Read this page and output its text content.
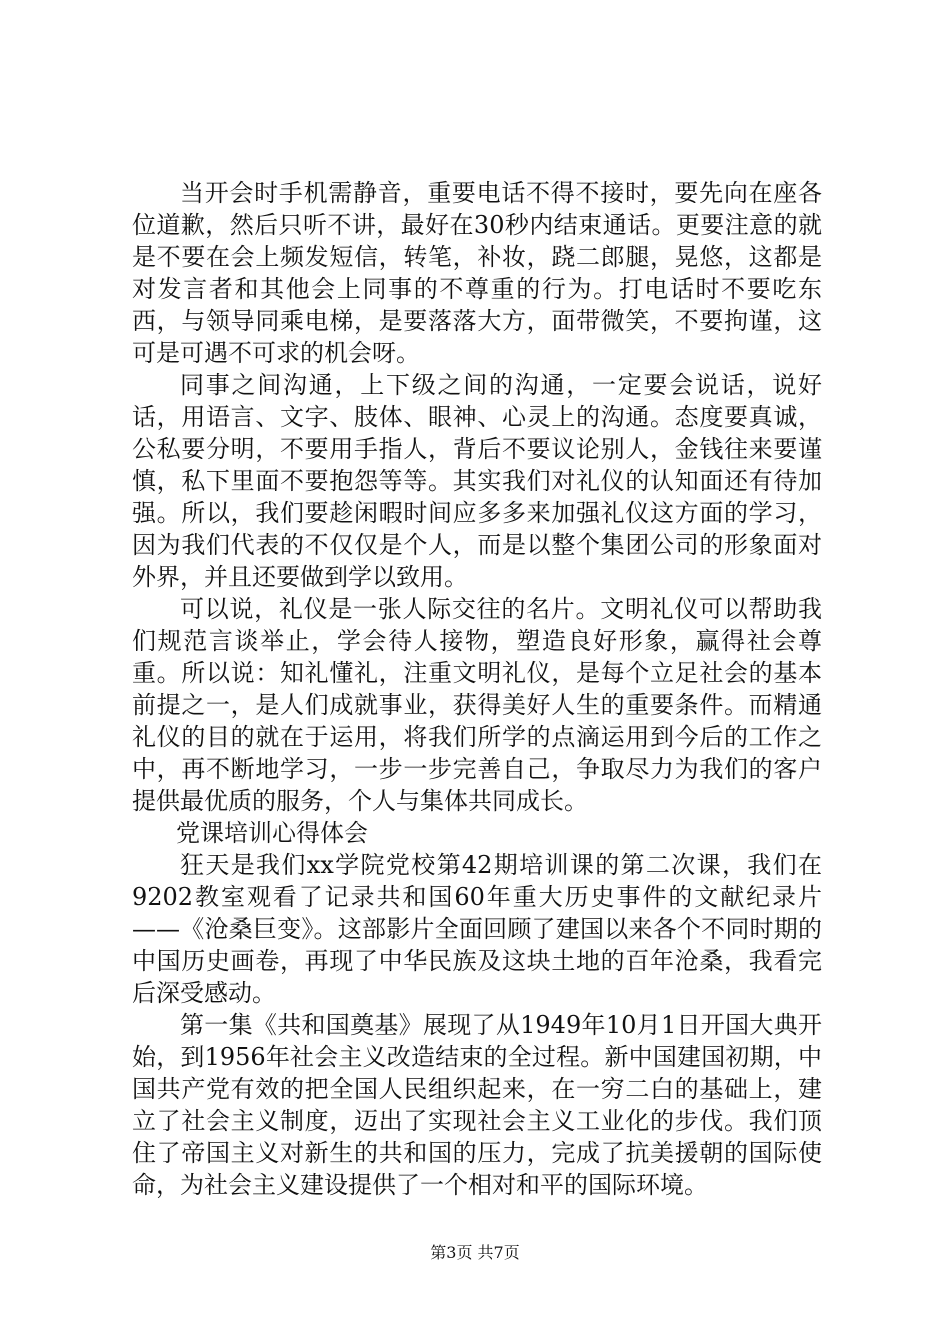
当开会时手机需静音，重要电话不得不接时，要先向在座各位道歉，然后只听不讲，最好在30秒内结束通话。更要注意的就是不要在会上频发短信，转笔，补妆，跷二郎腿，晃悠，这都是对发言者和其他会上同事的不尊重的行为。打电话时不要吃东西，与领导同乘电梯，是要落落大方，面带微笑，不要拘谨，这可是可遇不可求的机会呀。

同事之间沟通，上下级之间的沟通，一定要会说话，说好话，用语言、文字、肢体、眼神、心灵上的沟通。态度要真诚，公私要分明，不要用手指人，背后不要议论别人，金钱往来要谨慎，私下里面不要抱怨等等。其实我们对礼仪的认知面还有待加强。所以，我们要趁闲暇时间应多多来加强礼仪这方面的学习，因为我们代表的不仅仅是个人，而是以整个集团公司的形象面对外界，并且还要做到学以致用。

可以说，礼仪是一张人际交往的名片。文明礼仪可以帮助我们规范言谈举止，学会待人接物，塑造良好形象，赢得社会尊重。所以说：知礼懂礼，注重文明礼仪，是每个立足社会的基本前提之一，是人们成就事业，获得美好人生的重要条件。而精通礼仪的目的就在于运用，将我们所学的点滴运用到今后的工作之中，再不断地学习，一步一步完善自己，争取尽力为我们的客户提供最优质的服务，个人与集体共同成长。

党课培训心得体会

狂天是我们xx学院党校第42期培训课的第二次课，我们在9202教室观看了记录共和国60年重大历史事件的文献纪录片——《沧桑巨变》。这部影片全面回顾了建国以来各个不同时期的中国历史画卷，再现了中华民族及这块土地的百年沧桑，我看完后深受感动。

第一集《共和国奠基》展现了从1949年10月1日开国大典开始，到1956年社会主义改造结束的全过程。新中国建国初期，中国共产党有效的把全国人民组织起来，在一穷二白的基础上，建立了社会主义制度，迈出了实现社会主义工业化的步伐。我们顶住了帝国主义对新生的共和国的压力，完成了抗美援朝的国际使命，为社会主义建设提供了一个相对和平的国际环境。

第3页 共7页
